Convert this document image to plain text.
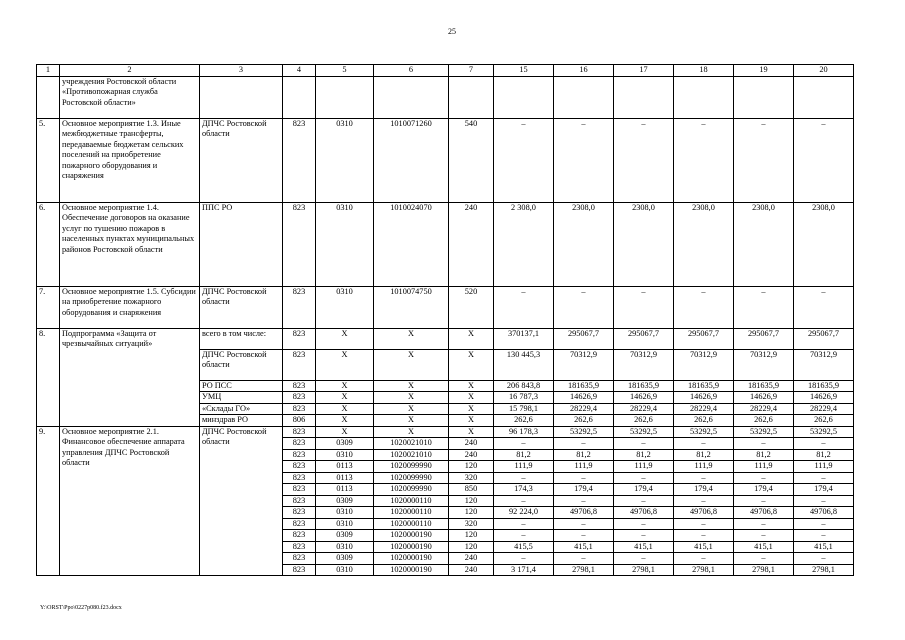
25
1	2	3	4	5	6	7	15	16	17	18	19	20
	учреждения Ростовской области «Противопожарная служба Ростовской области»											
5.	Основное мероприятие 1.3. Иные межбюджетные трансферты, передаваемые бюджетам сельских поселений на приобретение пожарного оборудования и снаряжения	ДПЧС Ростовской области	823	0310	1010071260	540	–	–	–	–	–	–
6.	Основное мероприятие 1.4. Обеспечение договоров на оказание услуг по тушению пожаров в населенных пунктах муниципальных районов Ростовской области	ППС РО	823	0310	1010024070	240	2 308,0	2308,0	2308,0	2308,0	2308,0	2308,0
7.	Основное мероприятие 1.5. Субсидии на приобретение пожарного оборудования и снаряжения	ДПЧС Ростовской области	823	0310	1010074750	520	–	–	–	–	–	–
8.	Подпрограмма «Защита от чрезвычайных ситуаций»	всего в том числе:	823	Х	Х	Х	370137,1	295067,7	295067,7	295067,7	295067,7	295067,7
		ДПЧС Ростовской области	823	Х	Х	Х	130 445,3	70312,9	70312,9	70312,9	70312,9	70312,9
		РО ПСС	823	Х	Х	Х	206 843,8	181635,9	181635,9	181635,9	181635,9	181635,9
		УМЦ	823	Х	Х	Х	16 787,3	14626,9	14626,9	14626,9	14626,9	14626,9
		«Склады ГО»	823	Х	Х	Х	15 798,1	28229,4	28229,4	28229,4	28229,4	28229,4
		минздрав РО	806	Х	Х	Х	262,6	262,6	262,6	262,6	262,6	262,6
9.	Основное мероприятие 2.1. Финансовое обеспечение аппарата управления ДПЧС Ростовской области	ДПЧС Ростовской области	823	Х	Х	Х	96 178,3	53292,5	53292,5	53292,5	53292,5	53292,5
			823	0309	1020021010	240	–	–	–	–	–	–
			823	0310	1020021010	240	81,2	81,2	81,2	81,2	81,2	81,2
			823	0113	1020099990	120	111,9	111,9	111,9	111,9	111,9	111,9
			823	0113	1020099990	320	–	–	–	–	–	–
			823	0113	1020099990	850	174,3	179,4	179,4	179,4	179,4	179,4
			823	0309	1020000110	120	–	–	–	–	–	–
			823	0310	1020000110	120	92 224,0	49706,8	49706,8	49706,8	49706,8	49706,8
			823	0310	1020000110	320	–	–	–	–	–	–
			823	0309	1020000190	120	–	–	–	–	–	–
			823	0310	1020000190	120	415,5	415,1	415,1	415,1	415,1	415,1
			823	0309	1020000190	240	–	–	–	–	–	–
			823	0310	1020000190	240	3 171,4	2798,1	2798,1	2798,1	2798,1	2798,1
Y:\ORST\Ppo\0227p080.f23.docx
